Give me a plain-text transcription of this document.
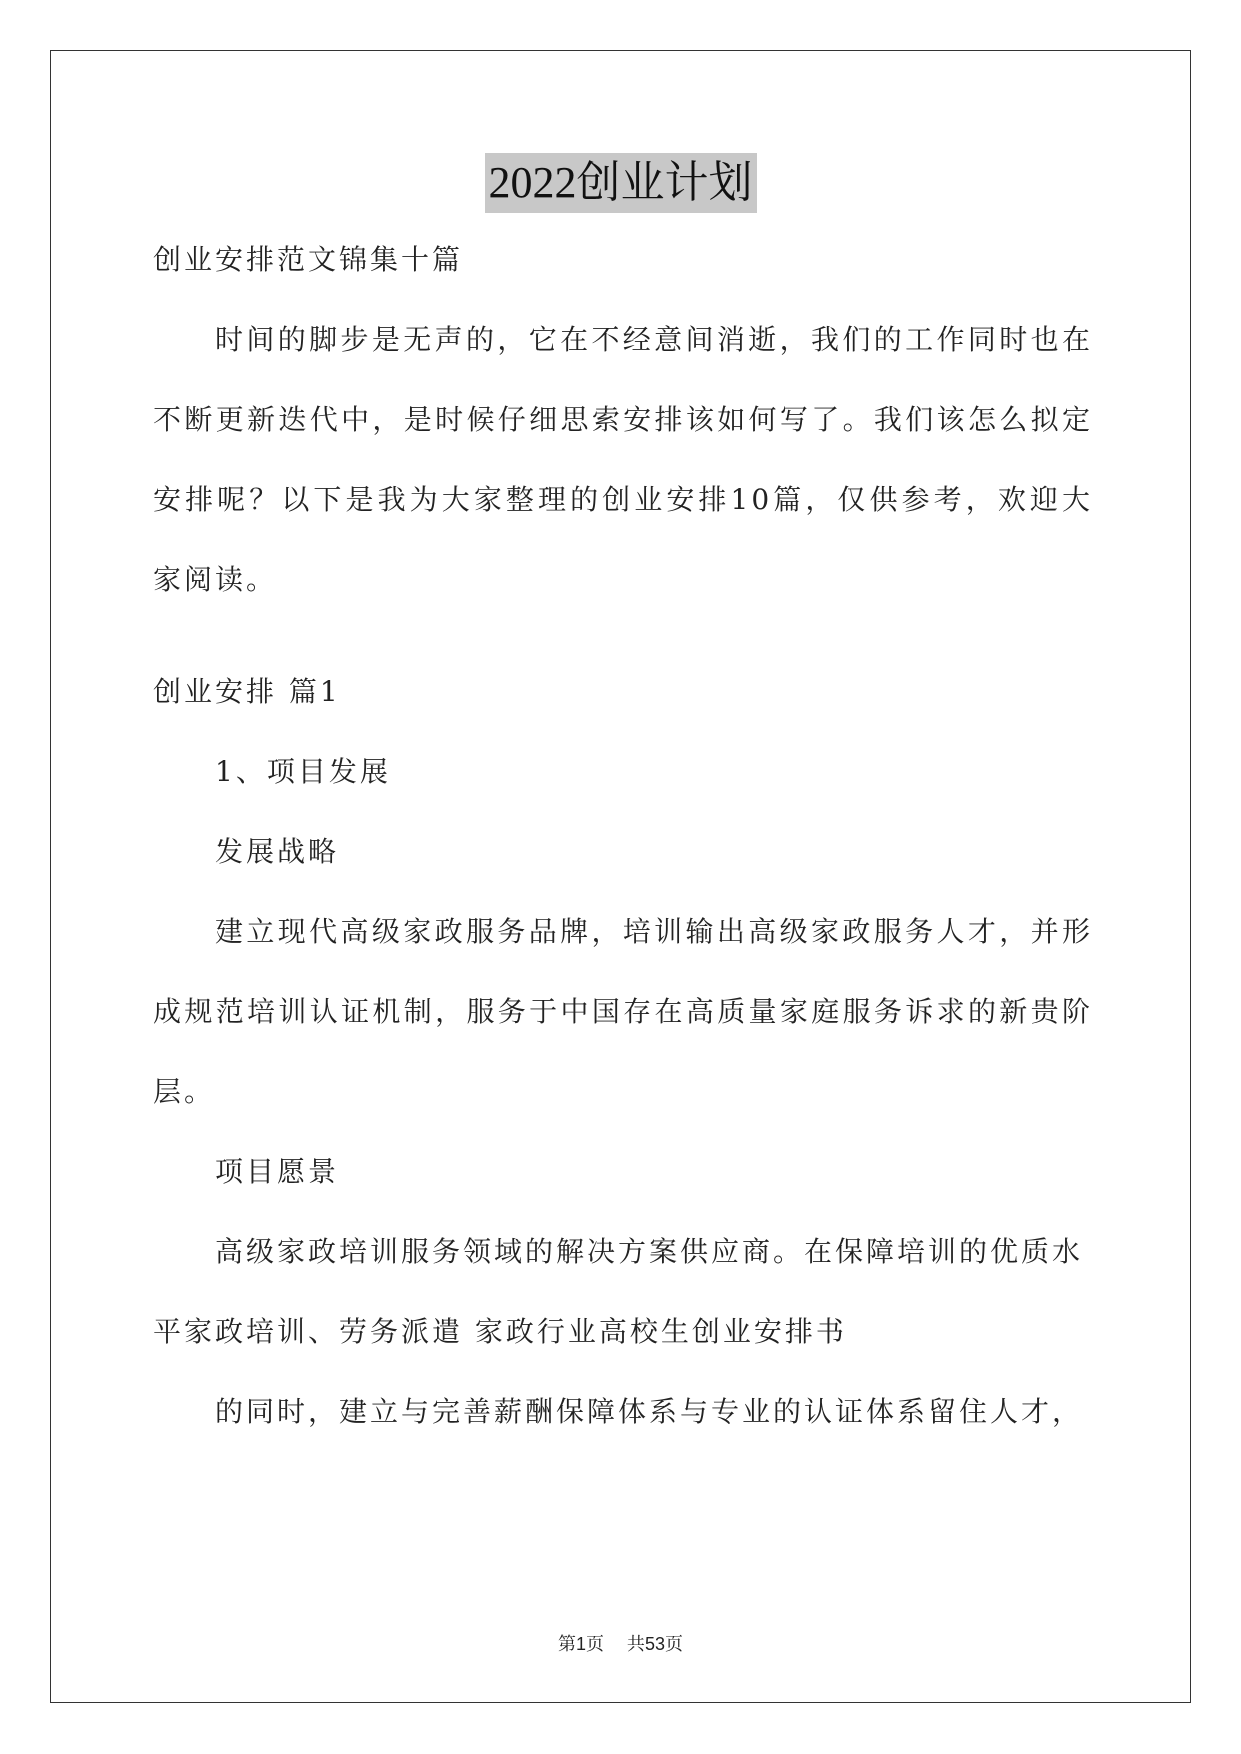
2022创业计划

创业安排范文锦集十篇

时间的脚步是无声的，它在不经意间消逝，我们的工作同时也在不断更新迭代中，是时候仔细思索安排该如何写了。我们该怎么拟定安排呢？以下是我为大家整理的创业安排10篇，仅供参考，欢迎大家阅读。

创业安排 篇1

1、项目发展

发展战略

建立现代高级家政服务品牌，培训输出高级家政服务人才，并形成规范培训认证机制，服务于中国存在高质量家庭服务诉求的新贵阶层。

项目愿景

高级家政培训服务领域的解决方案供应商。在保障培训的优质水

平家政培训、劳务派遣 家政行业高校生创业安排书

的同时，建立与完善薪酬保障体系与专业的认证体系留住人才，

第1页    共53页
